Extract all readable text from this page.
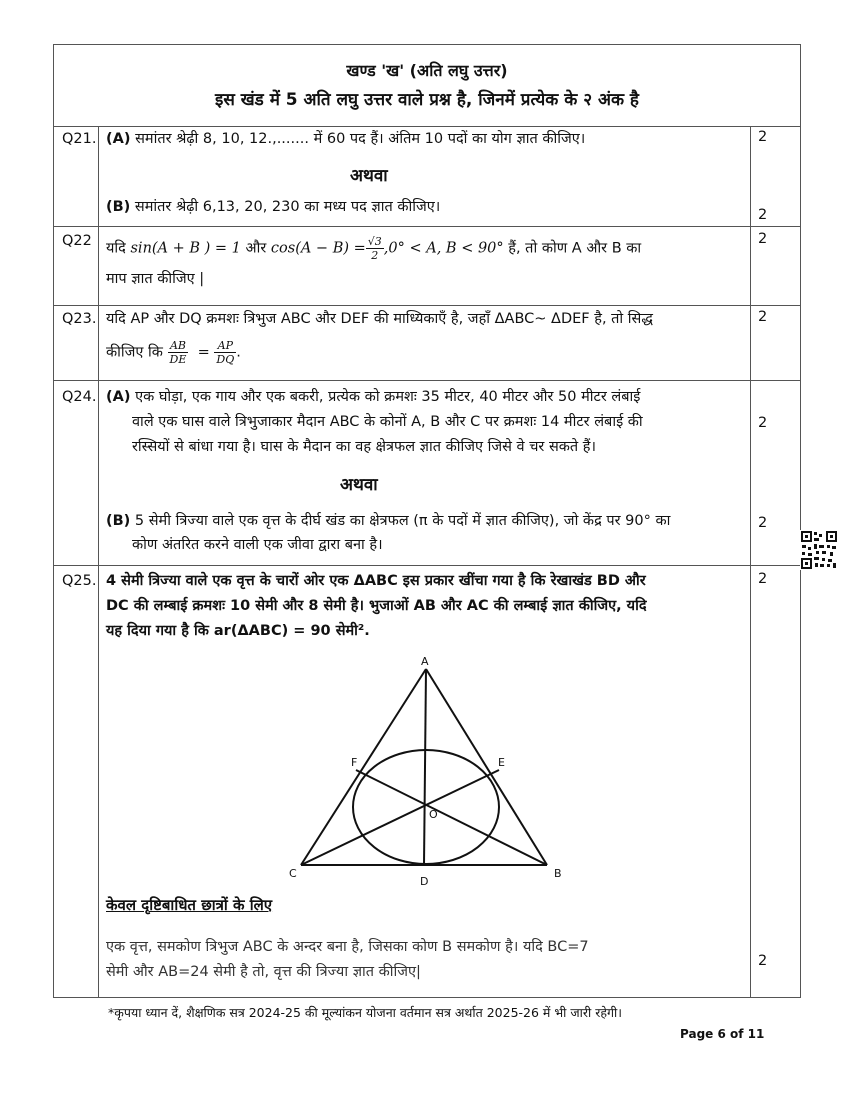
खण्ड 'ख' (अति लघु उत्तर)
इस खंड में 5 अति लघु उत्तर वाले प्रश्न है, जिनमें प्रत्येक के २ अंक है
Q21. (A) समांतर श्रेढ़ी 8, 10, 12.,....... में 60 पद हैं। अंतिम 10 पदों का योग ज्ञात कीजिए।
अथवा
(B) समांतर श्रेढ़ी 6,13, 20, 230 का मध्य पद ज्ञात कीजिए।
2
2
Q22 यदि sin(A + B ) = 1 और $\cos(A - B) = \frac{√3}{2} ,0^\circ < A$, B < 90° हैं, तो कोण A और B का
माप ज्ञात कीजिए |
2
Q23. यदि AP और DQ क्रमशः त्रिभुज ABC और DEF की माध्यिकाएँ है, जहाँ ΔABC~ ΔDEF है, तो सिद्ध
कीजिए कि $\frac{AB}{DE} = \frac{AP}{DQ}$ .
2
Q24. (A) एक घोड़ा, एक गाय और एक बकरी, प्रत्येक को क्रमशः 35 मीटर, 40 मीटर और 50 मीटर लंबाई
वाले एक घास वाले त्रिभुजाकार मैदान ABC के कोनों A, B और C पर क्रमशः 14 मीटर लंबाई की
रस्सियों से बांधा गया है। घास के मैदान का वह क्षेत्रफल ज्ञात कीजिए जिसे वे चर सकते हैं।
अथवा
(B) 5 सेमी त्रिज्या वाले एक वृत्त के दीर्घ खंड का क्षेत्रफल (π के पदों में ज्ञात कीजिए), जो केंद्र पर 90° का
कोण अंतरित करने वाली एक जीवा द्वारा बना है।
2
2
Q25. 4 सेमी त्रिज्या वाले एक वृत्त के चारों ओर एक ΔABC इस प्रकार खींचा गया है कि रेखाखंड BD और
DC की लम्बाई क्रमशः 10 सेमी और 8 सेमी है। भुजाओं AB और AC की लम्बाई ज्ञात कीजिए, यदि
यह दिया गया है कि ar(ΔABC) = 90 सेमी².
2
A
B
C
D
E
F
O
केवल दृष्टिबाधित छात्रों के लिए
एक वृत्त, समकोण त्रिभुज ABC के अन्दर बना है, जिसका कोण B समकोण है। यदि BC=7
सेमी और AB=24 सेमी है तो, वृत्त की त्रिज्या ज्ञात कीजिए|
2
*कृपया ध्यान दें, शैक्षणिक सत्र 2024-25 की मूल्यांकन योजना वर्तमान सत्र अर्थात 2025-26 में भी जारी रहेगी।
Page 6 of 11
